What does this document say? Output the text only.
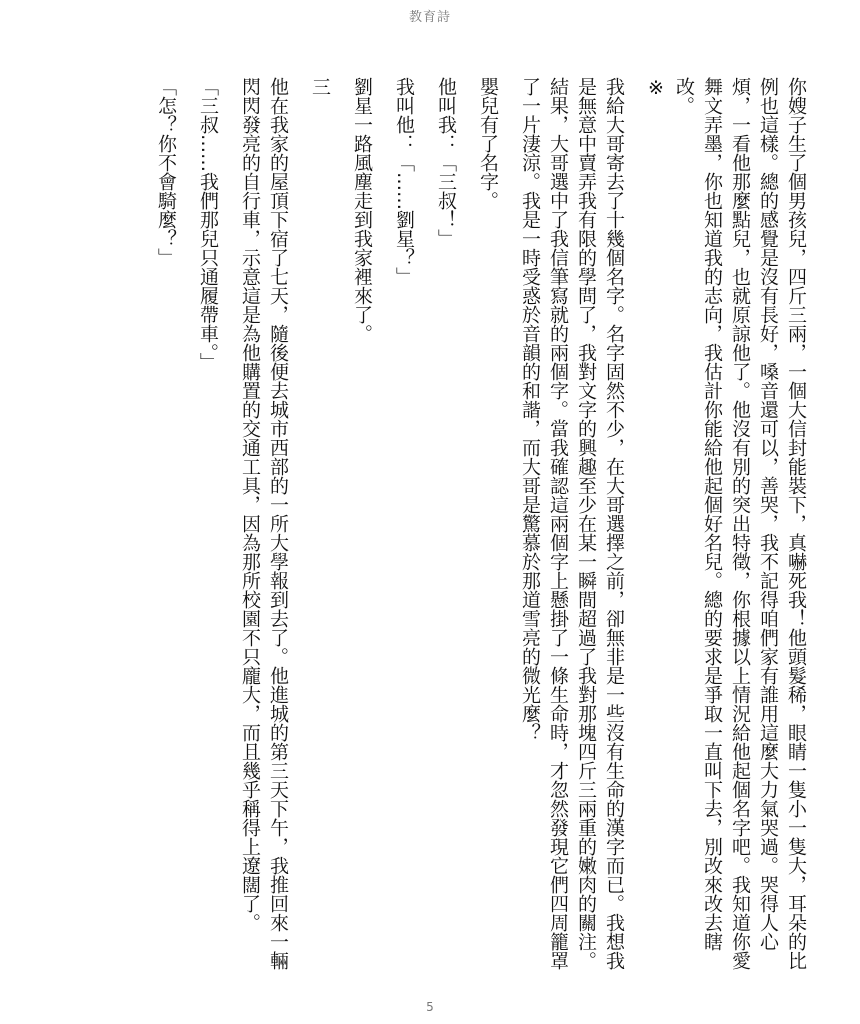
教育詩

你嫂子生了個男孩兒，四斤三兩，一個大信封能裝下，真嚇死我！他頭髮稀，眼睛一隻小一隻大，耳朵的比例也這樣。總的感覺是沒有長好，嗓音還可以，善哭，我不記得咱們家有誰用這麼大力氣哭過。哭得人心煩，一看他那麼點兒，也就原諒他了。他沒有別的突出特徵，你根據以上情況給他起個名字吧。我知道你愛舞文弄墨，你也知道我的志向，我估計你能給他起個好名兒。總的要求是爭取一直叫下去，別改來改去瞎改。

※

我給大哥寄去了十幾個名字。名字固然不少，在大哥選擇之前，卻無非是一些沒有生命的漢字而已。我想我是無意中賣弄我有限的學問了，我對文字的興趣至少在某一瞬間超過了我對那塊四斤三兩重的嫩肉的關注。結果，大哥選中了我信筆寫就的兩個字。當我確認這兩個字上懸掛了一條生命時，才忽然發現它們四周籠罩了一片淒涼。我是一時受惑於音韻的和諧，而大哥是驚慕於那道雪亮的微光麼？

嬰兒有了名字。

他叫我：「三叔！」

我叫他：「……劉星？」

劉星一路風塵走到我家裡來了。

三

他在我家的屋頂下宿了七天，隨後便去城市西部的一所大學報到去了。他進城的第三天下午，我推回來一輛閃閃發亮的自行車，示意這是為他購置的交通工具，因為那所校園不只龐大，而且幾乎稱得上遼闊了。

「三叔……我們那兒只通履帶車。」

「怎？你不會騎麼？」

5
